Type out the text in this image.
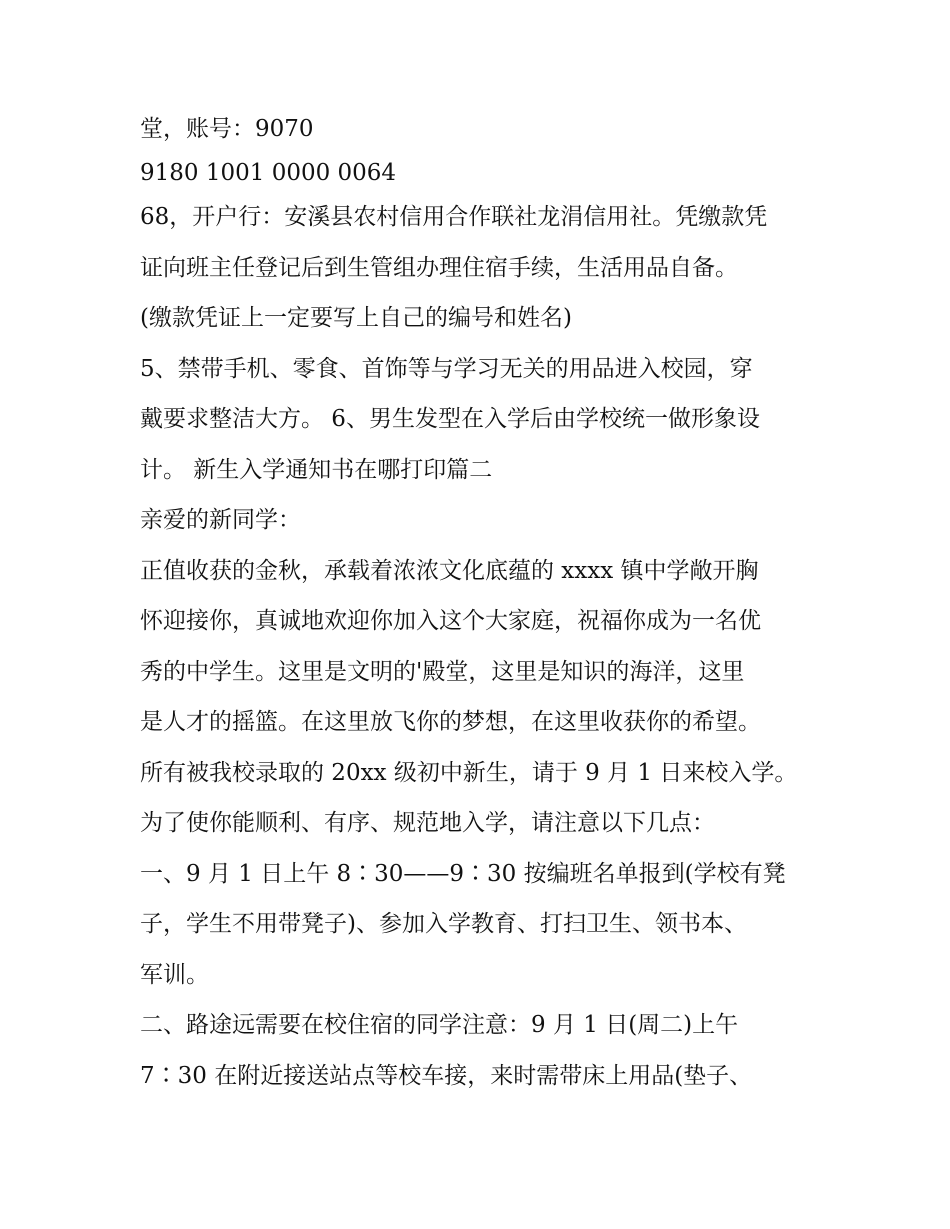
堂，账号：9070
9180 1001 0000 0064
68，开户行：安溪县农村信用合作联社龙涓信用社。凭缴款凭
证向班主任登记后到生管组办理住宿手续，生活用品自备。
(缴款凭证上一定要写上自己的编号和姓名)
5、禁带手机、零食、首饰等与学习无关的用品进入校园，穿
戴要求整洁大方。 6、男生发型在入学后由学校统一做形象设
计。 新生入学通知书在哪打印篇二
亲爱的新同学：
正值收获的金秋，承载着浓浓文化底蕴的 xxxx 镇中学敞开胸
怀迎接你，真诚地欢迎你加入这个大家庭，祝福你成为一名优
秀的中学生。这里是文明的'殿堂，这里是知识的海洋，这里
是人才的摇篮。在这里放飞你的梦想，在这里收获你的希望。
所有被我校录取的 20xx 级初中新生，请于 9 月 1 日来校入学。
为了使你能顺利、有序、规范地入学，请注意以下几点：
一、9 月 1 日上午 8∶30——9∶30 按编班名单报到(学校有凳
子，学生不用带凳子)、参加入学教育、打扫卫生、领书本、
军训。
二、路途远需要在校住宿的同学注意：9 月 1 日(周二)上午
7∶30 在附近接送站点等校车接，来时需带床上用品(垫子、
